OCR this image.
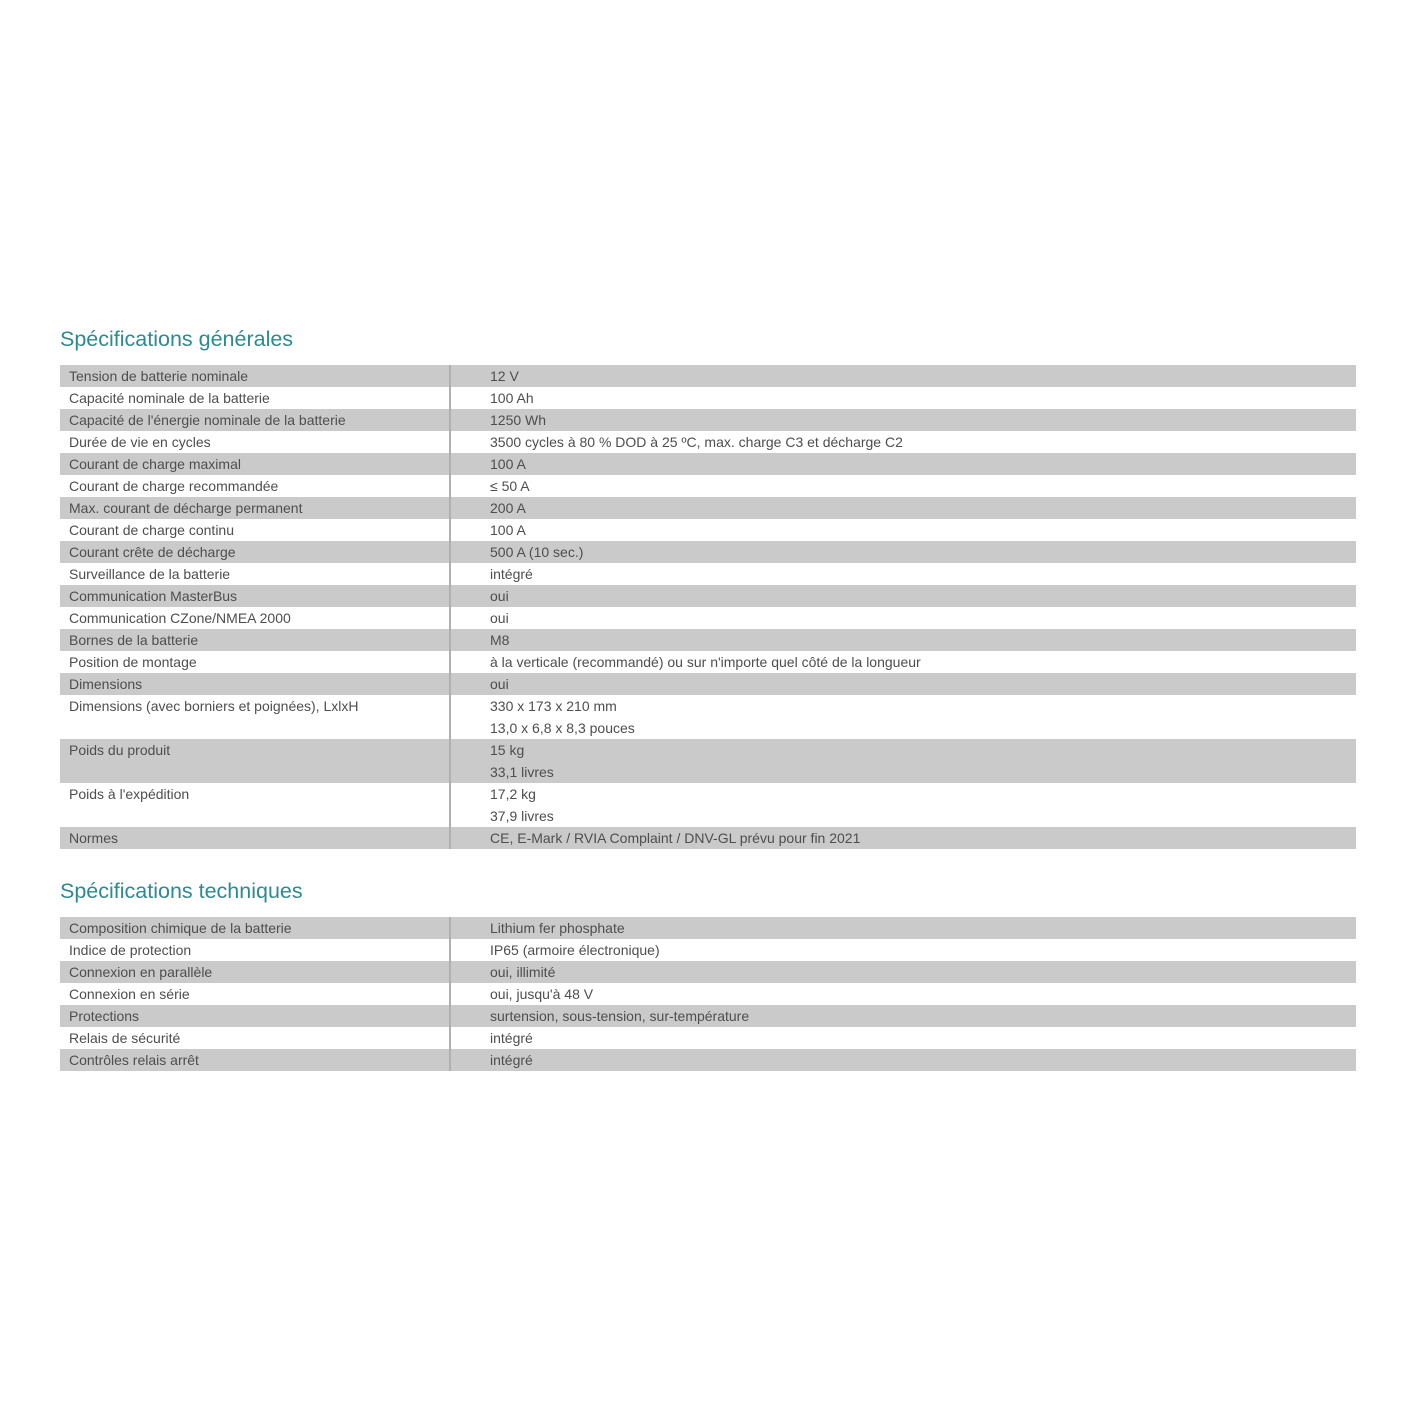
Spécifications générales
Tension de batterie nominale	12 V
Capacité nominale de la batterie	100 Ah
Capacité de l'énergie nominale de la batterie	1250 Wh
Durée de vie en cycles	3500 cycles à 80 % DOD à 25 ºC, max. charge C3 et décharge C2
Courant de charge maximal	100 A
Courant de charge recommandée	≤ 50 A
Max. courant de décharge permanent	200 A
Courant de charge continu	100 A
Courant crête de décharge	500 A (10 sec.)
Surveillance de la batterie	intégré
Communication MasterBus	oui
Communication CZone/NMEA 2000	oui
Bornes de la batterie	M8
Position de montage	à la verticale (recommandé) ou sur n'importe quel côté de la longueur
Dimensions	oui
Dimensions (avec borniers et poignées), LxlxH	330 x 173 x 210 mm
13,0 x 6,8 x 8,3 pouces
Poids du produit	15 kg
33,1 livres
Poids à l'expédition	17,2 kg
37,9 livres
Normes	CE, E-Mark / RVIA Complaint / DNV-GL prévu pour fin 2021
Spécifications techniques
Composition chimique de la batterie	Lithium fer phosphate
Indice de protection	IP65 (armoire électronique)
Connexion en parallèle	oui, illimité
Connexion en série	oui, jusqu'à 48 V
Protections	surtension, sous-tension, sur-température
Relais de sécurité	intégré
Contrôles relais arrêt	intégré
